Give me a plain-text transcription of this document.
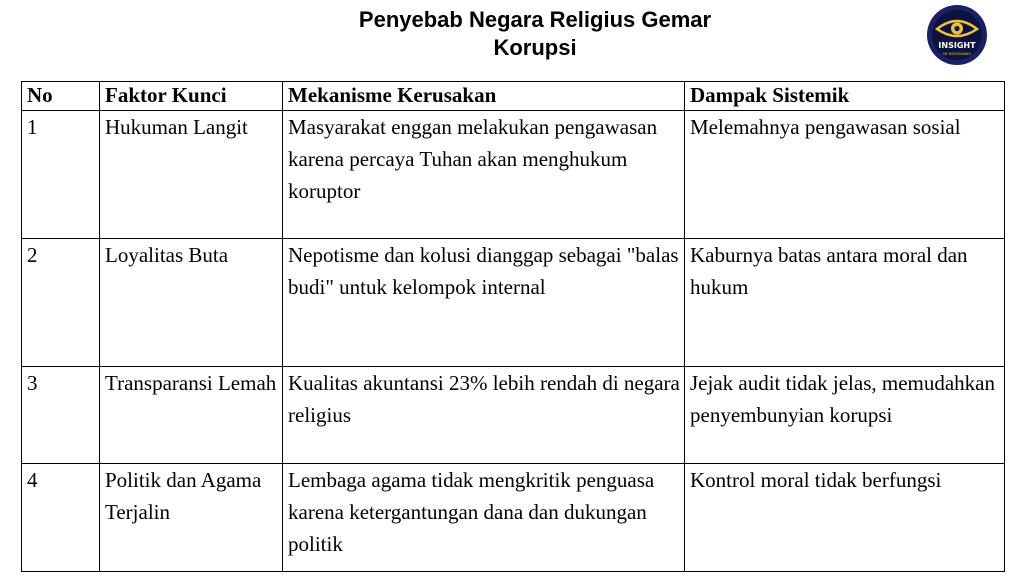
Penyebab Negara Religius Gemar
Korupsi	INSIGHT
BY NEUSSANKS
No	Faktor Kunci	Mekanisme Kerusakan	Dampak Sistemik
1	Hukuman Langit	Masyarakat enggan melakukan pengawasan karena percaya Tuhan akan menghukum koruptor	Melemahnya pengawasan sosial
2	Loyalitas Buta	Nepotisme dan kolusi dianggap sebagai "balas budi" untuk kelompok internal	Kaburnya batas antara moral dan hukum
3	Transparansi Lemah	Kualitas akuntansi 23% lebih rendah di negara religius	Jejak audit tidak jelas, memudahkan penyembunyian korupsi
4	Politik dan Agama Terjalin	Lembaga agama tidak mengkritik penguasa karena ketergantungan dana dan dukungan politik	Kontrol moral tidak berfungsi
